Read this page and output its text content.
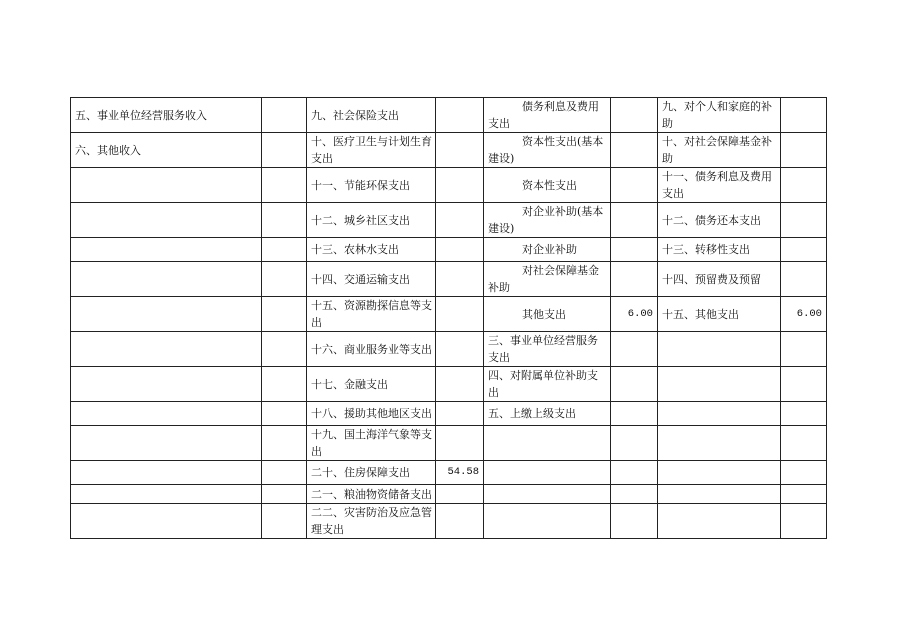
五、事业单位经营服务收入		九、社会保险支出		债务利息及费用支出		九、对个人和家庭的补助	
六、其他收入		十、医疗卫生与计划生育支出		资本性支出(基本建设)		十、对社会保障基金补助	
		十一、节能环保支出		资本性支出		十一、债务利息及费用支出	
		十二、城乡社区支出		对企业补助(基本建设)		十二、债务还本支出	
		十三、农林水支出		对企业补助		十三、转移性支出	
		十四、交通运输支出		对社会保障基金补助		十四、预留费及预留	
		十五、资源勘探信息等支出		其他支出	6.00	十五、其他支出	6.00
		十六、商业服务业等支出		三、事业单位经营服务支出			
		十七、金融支出		四、对附属单位补助支出			
		十八、援助其他地区支出		五、上缴上级支出			
		十九、国土海洋气象等支出					
		二十、住房保障支出	54.58				
		二一、粮油物资储备支出					
		二二、灾害防治及应急管理支出					
